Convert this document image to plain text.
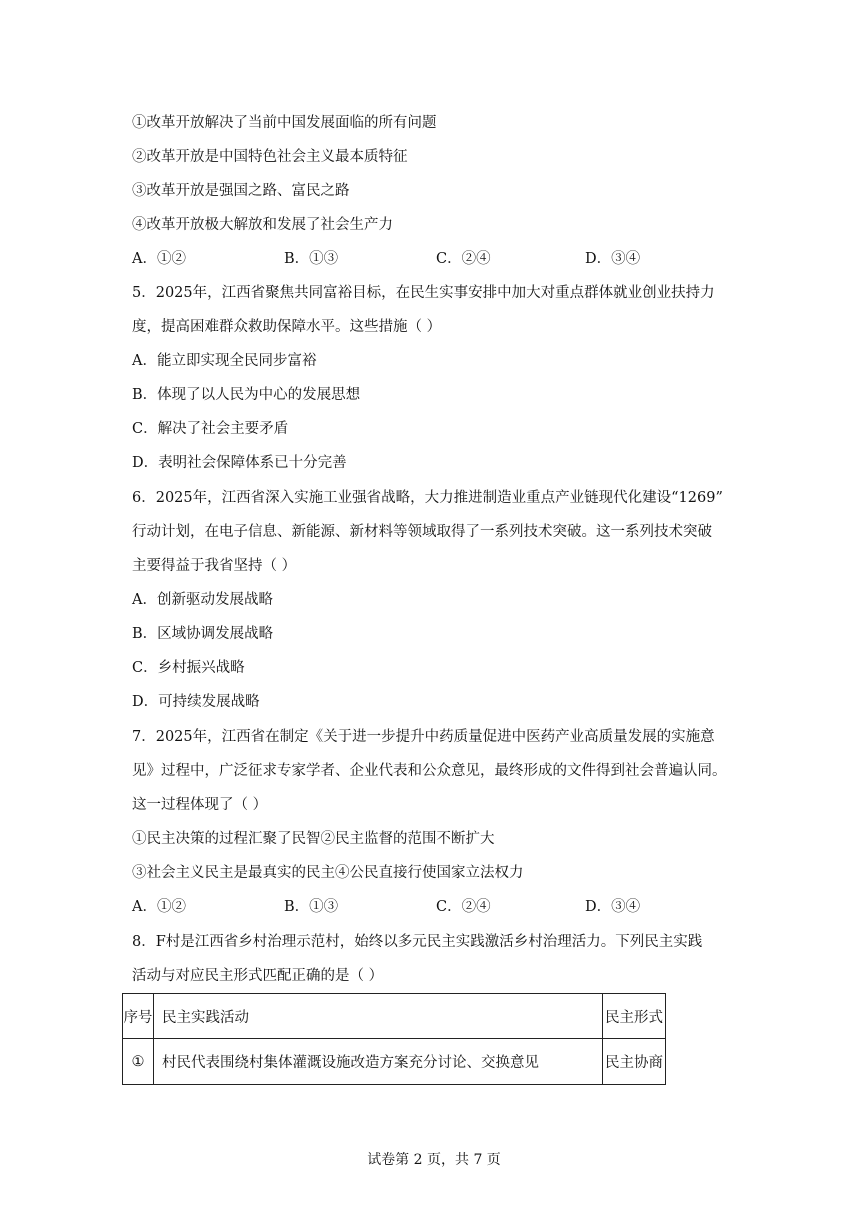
①改革开放解决了当前中国发展面临的所有问题
②改革开放是中国特色社会主义最本质特征
③改革开放是强国之路、富民之路
④改革开放极大解放和发展了社会生产力
A．①②	B．①③	C．②④	D．③④
5．2025年，江西省聚焦共同富裕目标，在民生实事安排中加大对重点群体就业创业扶持力
度，提高困难群众救助保障水平。这些措施（ ）
A．能立即实现全民同步富裕
B．体现了以人民为中心的发展思想
C．解决了社会主要矛盾
D．表明社会保障体系已十分完善
6．2025年，江西省深入实施工业强省战略，大力推进制造业重点产业链现代化建设“1269”
行动计划，在电子信息、新能源、新材料等领域取得了一系列技术突破。这一系列技术突破
主要得益于我省坚持（ ）
A．创新驱动发展战略
B．区域协调发展战略
C．乡村振兴战略
D．可持续发展战略
7．2025年，江西省在制定《关于进一步提升中药质量促进中医药产业高质量发展的实施意
见》过程中，广泛征求专家学者、企业代表和公众意见，最终形成的文件得到社会普遍认同。
这一过程体现了（ ）
①民主决策的过程汇聚了民智②民主监督的范围不断扩大
③社会主义民主是最真实的民主④公民直接行使国家立法权力
A．①②	B．①③	C．②④	D．③④
8．F村是江西省乡村治理示范村，始终以多元民主实践激活乡村治理活力。下列民主实践
活动与对应民主形式匹配正确的是（ ）
序号	民主实践活动	民主形式
①	村民代表围绕村集体灌溉设施改造方案充分讨论、交换意见	民主协商
试卷第 2 页，共 7 页
